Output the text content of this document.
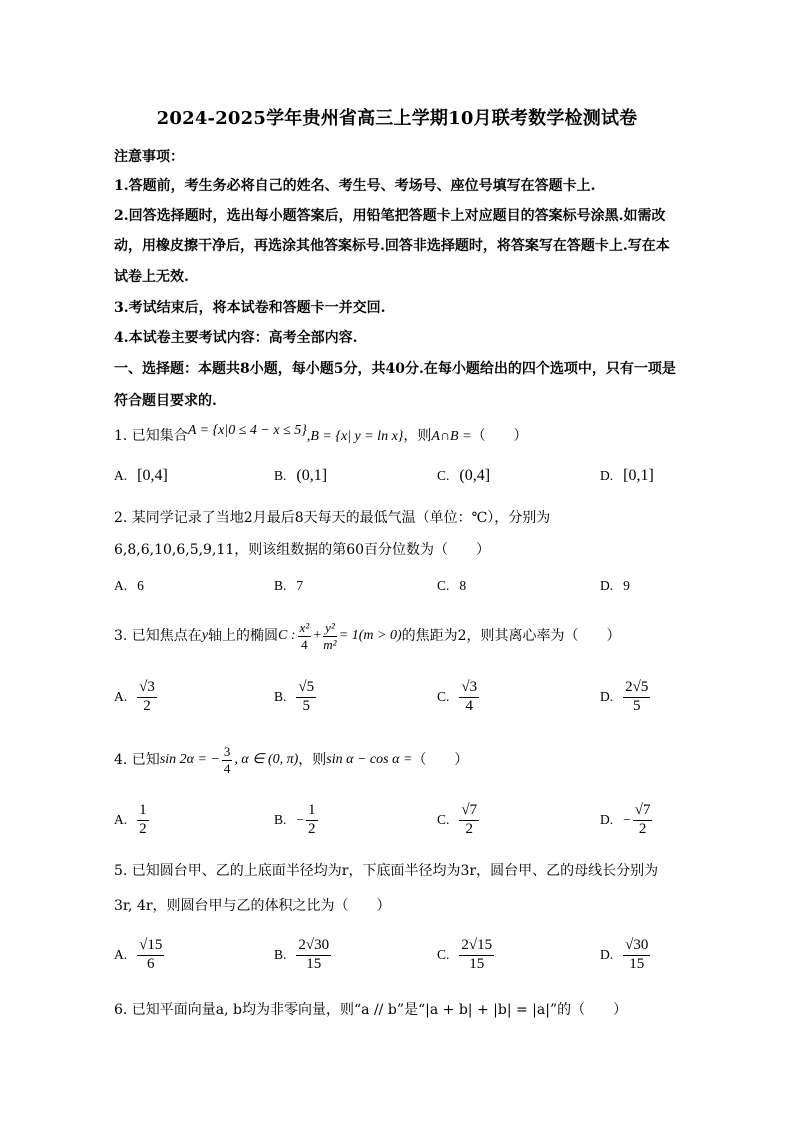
2024-2025学年贵州省高三上学期10月联考数学检测试卷
注意事项：
1.答题前，考生务必将自己的姓名、考生号、考场号、座位号填写在答题卡上.
2.回答选择题时，选出每小题答案后，用铅笔把答题卡上对应题目的答案标号涂黑.如需改
动，用橡皮擦干净后，再选涂其他答案标号.回答非选择题时，将答案写在答题卡上.写在本
试卷上无效.
3.考试结束后，将本试卷和答题卡一并交回.
4.本试卷主要考试内容：高考全部内容.
一、选择题：本题共8小题，每小题5分，共40分.在每小题给出的四个选项中，只有一项是
符合题目要求的.
1. 已知集合A = {x|0 ≤ 4 − x ≤ 5},B = {x| y = ln x}，则A∩B =（　　）
A. [0,4]	B. (0,1]	C. (0,4]	D. [0,1]
2. 某同学记录了当地2月最后8天每天的最低气温（单位：℃），分别为
6,8,6,10,6,5,9,11，则该组数据的第60百分位数为（　　）
A. 6	B. 7	C. 8	D. 9
3. 已知焦点在 y 轴上的椭圆 C : $\frac{\text{x²}}{4} + \frac{\text{y²}}{\text{m²}} = 1(m > 0)$ 的焦距为2，则其离心率为（　　）
A. $\frac{√3}{2}$	B. $\frac{√5}{5}$	C. $\frac{√3}{4}$	D. $\frac{2√5}{5}$
4. 已知 sin 2α = − $\frac{3}{4}$ , α ∈ (0, π) ，则 sin α − cos α = （　　）
A. $\frac{1}{2}$	B. − $\frac{1}{2}$	C. $\frac{√7}{2}$	D. − $\frac{√7}{2}$
5. 已知圆台甲、乙的上底面半径均为r，下底面半径均为3r，圆台甲、乙的母线长分别为
3r, 4r，则圆台甲与乙的体积之比为（　　）
A. $\frac{√15}{6}$	B. $\frac{2√30}{15}$	C. $\frac{2√15}{15}$	D. $\frac{√30}{15}$
6. 已知平面向量a, b均为非零向量，则“a // b”是“|a + b| + |b| = |a|”的（　　）
